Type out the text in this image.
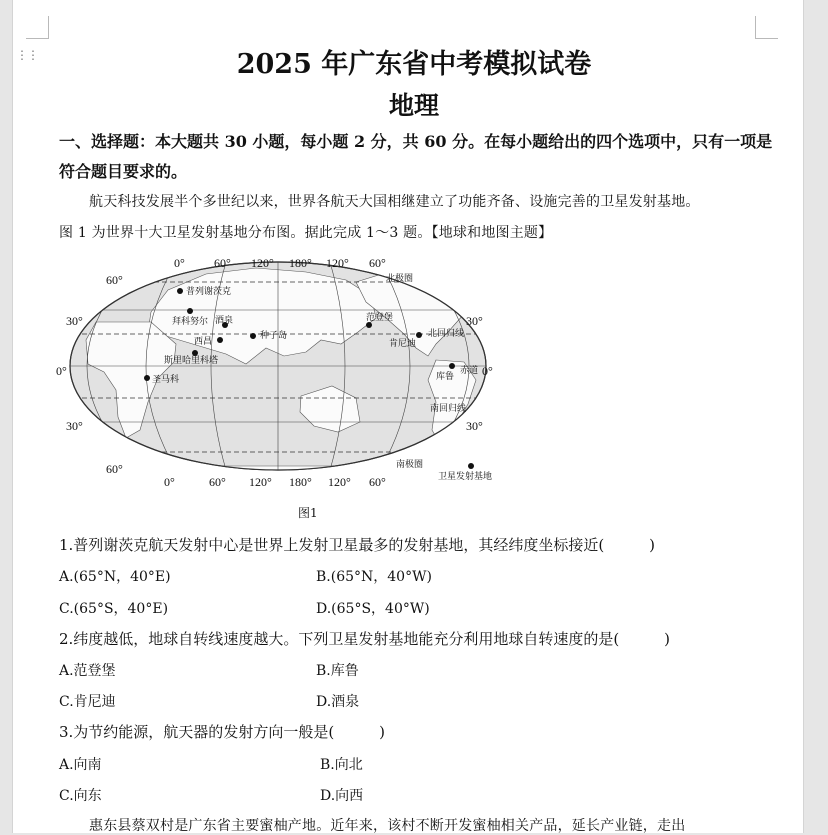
⋮⋮	2025 年广东省中考模拟试卷
地理
一、选择题：本大题共 30 小题，每小题 2 分，共 60 分。在每小题给出的四个选项中，只有一项是
符合题目要求的。
航天科技发展半个多世纪以来，世界各航天大国相继建立了功能齐备、设施完善的卫星发射基地。
图 1 为世界十大卫星发射基地分布图。据此完成 1～3 题。【地球和地图主题】
0° 60° 120° 180° 120° 60°
0°	60° 120° 180° 120° 60°
60°
30°
0°
30°
60°
30°
0°
30°
北极圈
北回归线
赤道
南回归线
南极圈
普列谢茨克
拜科努尔 酒泉
西昌
种子岛
斯里哈里科塔
圣马科
范登堡
肯尼迪
库鲁
卫星发射基地
图1
1.普列谢茨克航天发射中心是世界上发射卫星最多的发射基地，其经纬度坐标接近(　　　)
A.(65°N，40°E)	B.(65°N，40°W)
C.(65°S，40°E)	D.(65°S，40°W)
2.纬度越低，地球自转线速度越大。下列卫星发射基地能充分利用地球自转速度的是(　　　)
A.范登堡	B.库鲁
C.肯尼迪	D.酒泉
3.为节约能源，航天器的发射方向一般是(　　　)
A.向南	B.向北
C.向东	D.向西
惠东县蔡双村是广东省主要蜜柚产地。近年来，该村不断开发蜜柚相关产品，延长产业链，走出
